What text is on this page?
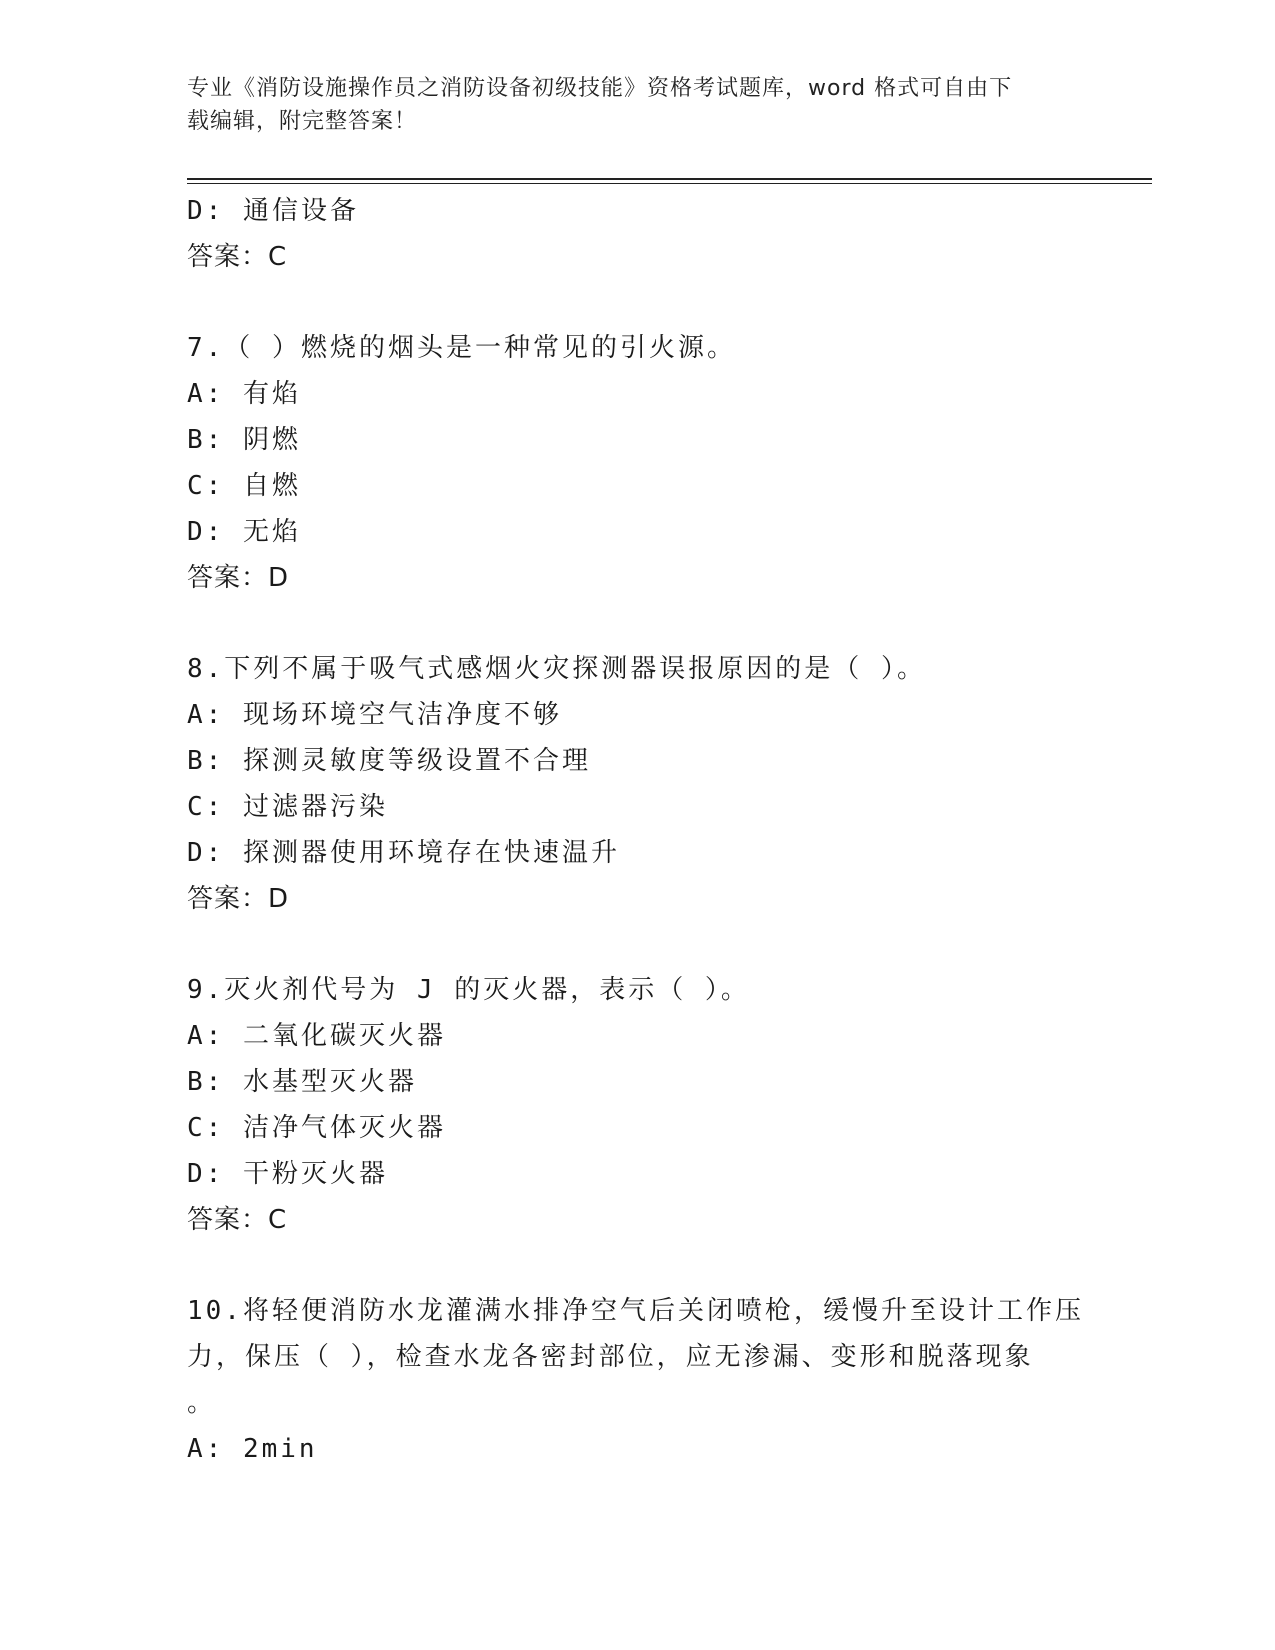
专业《消防设施操作员之消防设备初级技能》资格考试题库，word 格式可自由下
载编辑，附完整答案！
D: 通信设备
答案：C
7.（ ）燃烧的烟头是一种常见的引火源。
A: 有焰
B: 阴燃
C: 自燃
D: 无焰
答案：D
8.下列不属于吸气式感烟火灾探测器误报原因的是（ ）。
A: 现场环境空气洁净度不够
B: 探测灵敏度等级设置不合理
C: 过滤器污染
D: 探测器使用环境存在快速温升
答案：D
9.灭火剂代号为 J 的灭火器，表示（ ）。
A: 二氧化碳灭火器
B: 水基型灭火器
C: 洁净气体灭火器
D: 干粉灭火器
答案：C
10.将轻便消防水龙灌满水排净空气后关闭喷枪，缓慢升至设计工作压
力，保压（ ），检查水龙各密封部位，应无渗漏、变形和脱落现象
。
A: 2min
